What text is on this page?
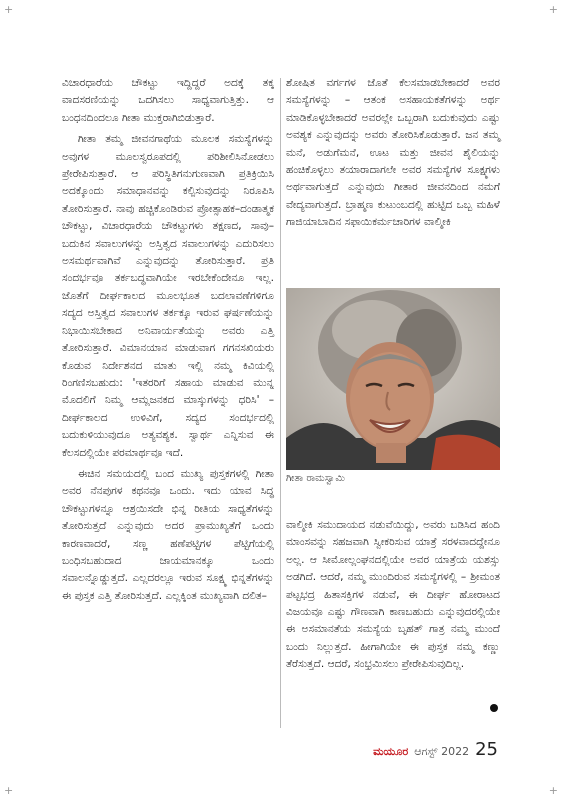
+	+
+	+

ವಿಚಾರಧಾರೆಯ ಚೌಕಟ್ಟು ಇದ್ದಿದ್ದರೆ ಅದಕ್ಕೆ ತಕ್ಕ ವಾದಸರಣಿಯನ್ನು ಒದಗಿಸಲು ಸಾಧ್ಯವಾಗುತ್ತಿತ್ತು. ಆ ಬಂಧನದಿಂದಲೂ ಗೀತಾ ಮುಕ್ತರಾಗಿಬಿಡುತ್ತಾರೆ.

ಗೀತಾ ತಮ್ಮ ಜೀವನಗಾಥೆಯ ಮೂಲಕ ಸಮಸ್ಯೆಗಳನ್ನು ಅವುಗಳ ಮೂಲಸ್ವರೂಪದಲ್ಲಿ ಪರಿಶೀಲಿಸಿನೋಡಲು ಪ್ರೇರೇಪಿಸುತ್ತಾರೆ. ಆ ಪರಿಸ್ಥಿತಿಗನುಗುಣವಾಗಿ ಪ್ರತಿಕ್ರಿಯಿಸಿ ಅದಕ್ಕೊಂದು ಸಮಾಧಾನವನ್ನು ಕಲ್ಪಿಸುವುದನ್ನು ನಿರೂಪಿಸಿ ತೋರಿಸುತ್ತಾರೆ. ನಾವು ಹಚ್ಚಿಕೊಂಡಿರುವ ಪ್ರೋತ್ಸಾಹಕ–ದಂಡಾತ್ಮಕ ಚೌಕಟ್ಟು, ವಿಚಾರಧಾರೆಯ ಚೌಕಟ್ಟುಗಳು ತಕ್ಷಣದ, ಸಾವು–ಬದುಕಿನ ಸವಾಲುಗಳನ್ನು ಅಸ್ತಿತ್ವದ ಸವಾಲುಗಳನ್ನು ಎದುರಿಸಲು ಅಸಮರ್ಥವಾಗಿವೆ ಎನ್ನುವುದನ್ನು ತೋರಿಸುತ್ತಾರೆ. ಪ್ರತಿ ಸಂದರ್ಭವೂ ತರ್ಕಬದ್ಧವಾಗಿಯೇ ಇರಬೇಕೆಂದೇನೂ ಇಲ್ಲ. ಜೊತೆಗೆ ದೀರ್ಘಕಾಲದ ಮೂಲಭೂತ ಬದಲಾವಣೆಗಳಿಗೂ ಸದ್ಯದ ಅಸ್ತಿತ್ವದ ಸವಾಲುಗಳ ತರ್ಕಕ್ಕೂ ಇರುವ ಘರ್ಷಣೆಯನ್ನು ನಿಭಾಯಿಸಬೇಕಾದ ಅನಿವಾರ್ಯತೆಯನ್ನು ಅವರು ಎತ್ತಿ ತೋರಿಸುತ್ತಾರೆ. ವಿಮಾನಯಾನ ಮಾಡುವಾಗ ಗಗನಸಖಿಯರು ಕೊಡುವ ನಿರ್ದೇಶನದ ಮಾತು ಇಲ್ಲಿ ನಮ್ಮ ಕಿವಿಯಲ್ಲಿ ರಿಂಗಣಿಸಬಹುದು: 'ಇತರರಿಗೆ ಸಹಾಯ ಮಾಡುವ ಮುನ್ನ ಮೊದಲಿಗೆ ನಿಮ್ಮ ಆಮ್ಲಜನಕದ ಮಾಸ್ಕುಗಳನ್ನು ಧರಿಸಿ' – ದೀರ್ಘಕಾಲದ ಉಳಿವಿಗೆ, ಸದ್ಯದ ಸಂದರ್ಭದಲ್ಲಿ ಬದುಕುಳಿಯುವುದೂ ಅತ್ಯವಶ್ಯಕ. ಸ್ವಾರ್ಥ ಎನ್ನಿಸುವ ಈ ಕೆಲಸದಲ್ಲಿಯೇ ಪರಮಾರ್ಥವೂ ಇದೆ.

ಈಚಿನ ಸಮಯದಲ್ಲಿ ಬಂದ ಮುಖ್ಯ ಪುಸ್ತಕಗಳಲ್ಲಿ ಗೀತಾ ಅವರ ನೆನಪುಗಳ ಕಥನವೂ ಒಂದು. ಇದು ಯಾವ ಸಿದ್ಧ ಚೌಕಟ್ಟುಗಳನ್ನೂ ಆಶ್ರಯಿಸದೇ ಭಿನ್ನ ರೀತಿಯ ಸಾಧ್ಯತೆಗಳನ್ನು ತೋರಿಸುತ್ತದೆ ಎನ್ನುವುದು ಅದರ ಪ್ರಾಮುಖ್ಯತೆಗೆ ಒಂದು ಕಾರಣವಾದರೆ, ಸಣ್ಣ ಹಣೆಪಟ್ಟಿಗಳ ಪೆಟ್ಟಿಗೆಯಲ್ಲಿ ಬಂಧಿಸಬಹುದಾದ ಜಾಯಮಾನಕ್ಕೂ ಒಂದು ಸವಾಲನ್ನೊಡ್ಡುತ್ತದೆ. ಎಲ್ಲದರಲ್ಲೂ ಇರುವ ಸೂಕ್ಷ್ಮ ಭಿನ್ನತೆಗಳನ್ನು ಈ ಪುಸ್ತಕ ಎತ್ತಿ ತೋರಿಸುತ್ತದೆ. ಎಲ್ಲಕ್ಕಿಂತ ಮುಖ್ಯವಾಗಿ ದಲಿತ–

ಶೋಷಿತ ವರ್ಗಗಳ ಜೊತೆ ಕೆಲಸಮಾಡಬೇಕಾದರೆ ಅವರ ಸಮಸ್ಯೆಗಳನ್ನು – ಆತಂಕ ಅಸಹಾಯಕತೆಗಳನ್ನು ಅರ್ಥ ಮಾಡಿಕೊಳ್ಳಬೇಕಾದರೆ ಅವರಲ್ಲೇ ಒಬ್ಬರಾಗಿ ಬದುಕುವುದು ಎಷ್ಟು ಅವಶ್ಯಕ ಎನ್ನುವುದನ್ನು ಅವರು ತೋರಿಸಿಕೊಡುತ್ತಾರೆ. ಜನ ತಮ್ಮ ಮನೆ, ಅಡುಗೆಮನೆ, ಊಟ ಮತ್ತು ಜೀವನ ಶೈಲಿಯನ್ನು ಹಂಚಿಕೊಳ್ಳಲು ತಯಾರಾದಾಗಲೇ ಅವರ ಸಮಸ್ಯೆಗಳ ಸೂಕ್ಷ್ಮಗಳು ಅರ್ಥವಾಗುತ್ತದೆ ಎನ್ನುವುದು ಗೀತಾರ ಜೀವನದಿಂದ ನಮಗೆ ವೇದ್ಯವಾಗುತ್ತದೆ. ಬ್ರಾಹ್ಮಣ ಕುಟುಂಬದಲ್ಲಿ ಹುಟ್ಟಿದ ಒಬ್ಬ ಮಹಿಳೆ ಗಾಜಿಯಾಬಾದಿನ ಸಫಾಯಿಕರ್ಮಚಾರಿಗಳ ವಾಲ್ಮೀಕಿ

ಗೀತಾ ರಾಮಸ್ವಾಮಿ

ವಾಲ್ಮೀಕಿ ಸಮುದಾಯದ ನಡುವೆಯಿದ್ದು, ಅವರು ಬಡಿಸಿದ ಹಂದಿ ಮಾಂಸವನ್ನು ಸಹಜವಾಗಿ ಸ್ವೀಕರಿಸುವ ಯಾತ್ರೆ ಸರಳವಾದದ್ದೇನೂ ಅಲ್ಲ. ಆ ಸೀಮೋಲ್ಲಂಘನದಲ್ಲಿಯೇ ಅವರ ಯಾತ್ರೆಯ ಯಶಸ್ಸು ಅಡಗಿದೆ. ಆದರೆ, ನಮ್ಮ ಮುಂದಿರುವ ಸಮಸ್ಯೆಗಳಲ್ಲಿ – ಶ್ರೀಮಂತ ಪಟ್ಟಭದ್ರ ಹಿತಾಸಕ್ತಿಗಳ ನಡುವೆ, ಈ ದೀರ್ಘ ಹೋರಾಟದ ವಿಜಯವೂ ಎಷ್ಟು ಗೌಣವಾಗಿ ಕಾಣಬಹುದು ಎನ್ನುವುದರಲ್ಲಿಯೇ ಈ ಅಸಮಾನತೆಯ ಸಮಸ್ಯೆಯ ಬೃಹತ್ ಗಾತ್ರ ನಮ್ಮ ಮುಂದೆ ಬಂದು ನಿಲ್ಲುತ್ತದೆ. ಹೀಗಾಗಿಯೇ ಈ ಪುಸ್ತಕ ನಮ್ಮ ಕಣ್ಣು ತೆರೆಸುತ್ತದೆ. ಆದರೆ, ಸಂಭ್ರಮಿಸಲು ಪ್ರೇರೇಪಿಸುವುದಿಲ್ಲ.

ಮಯೂರ ಆಗಸ್ಟ್ 2022 25
